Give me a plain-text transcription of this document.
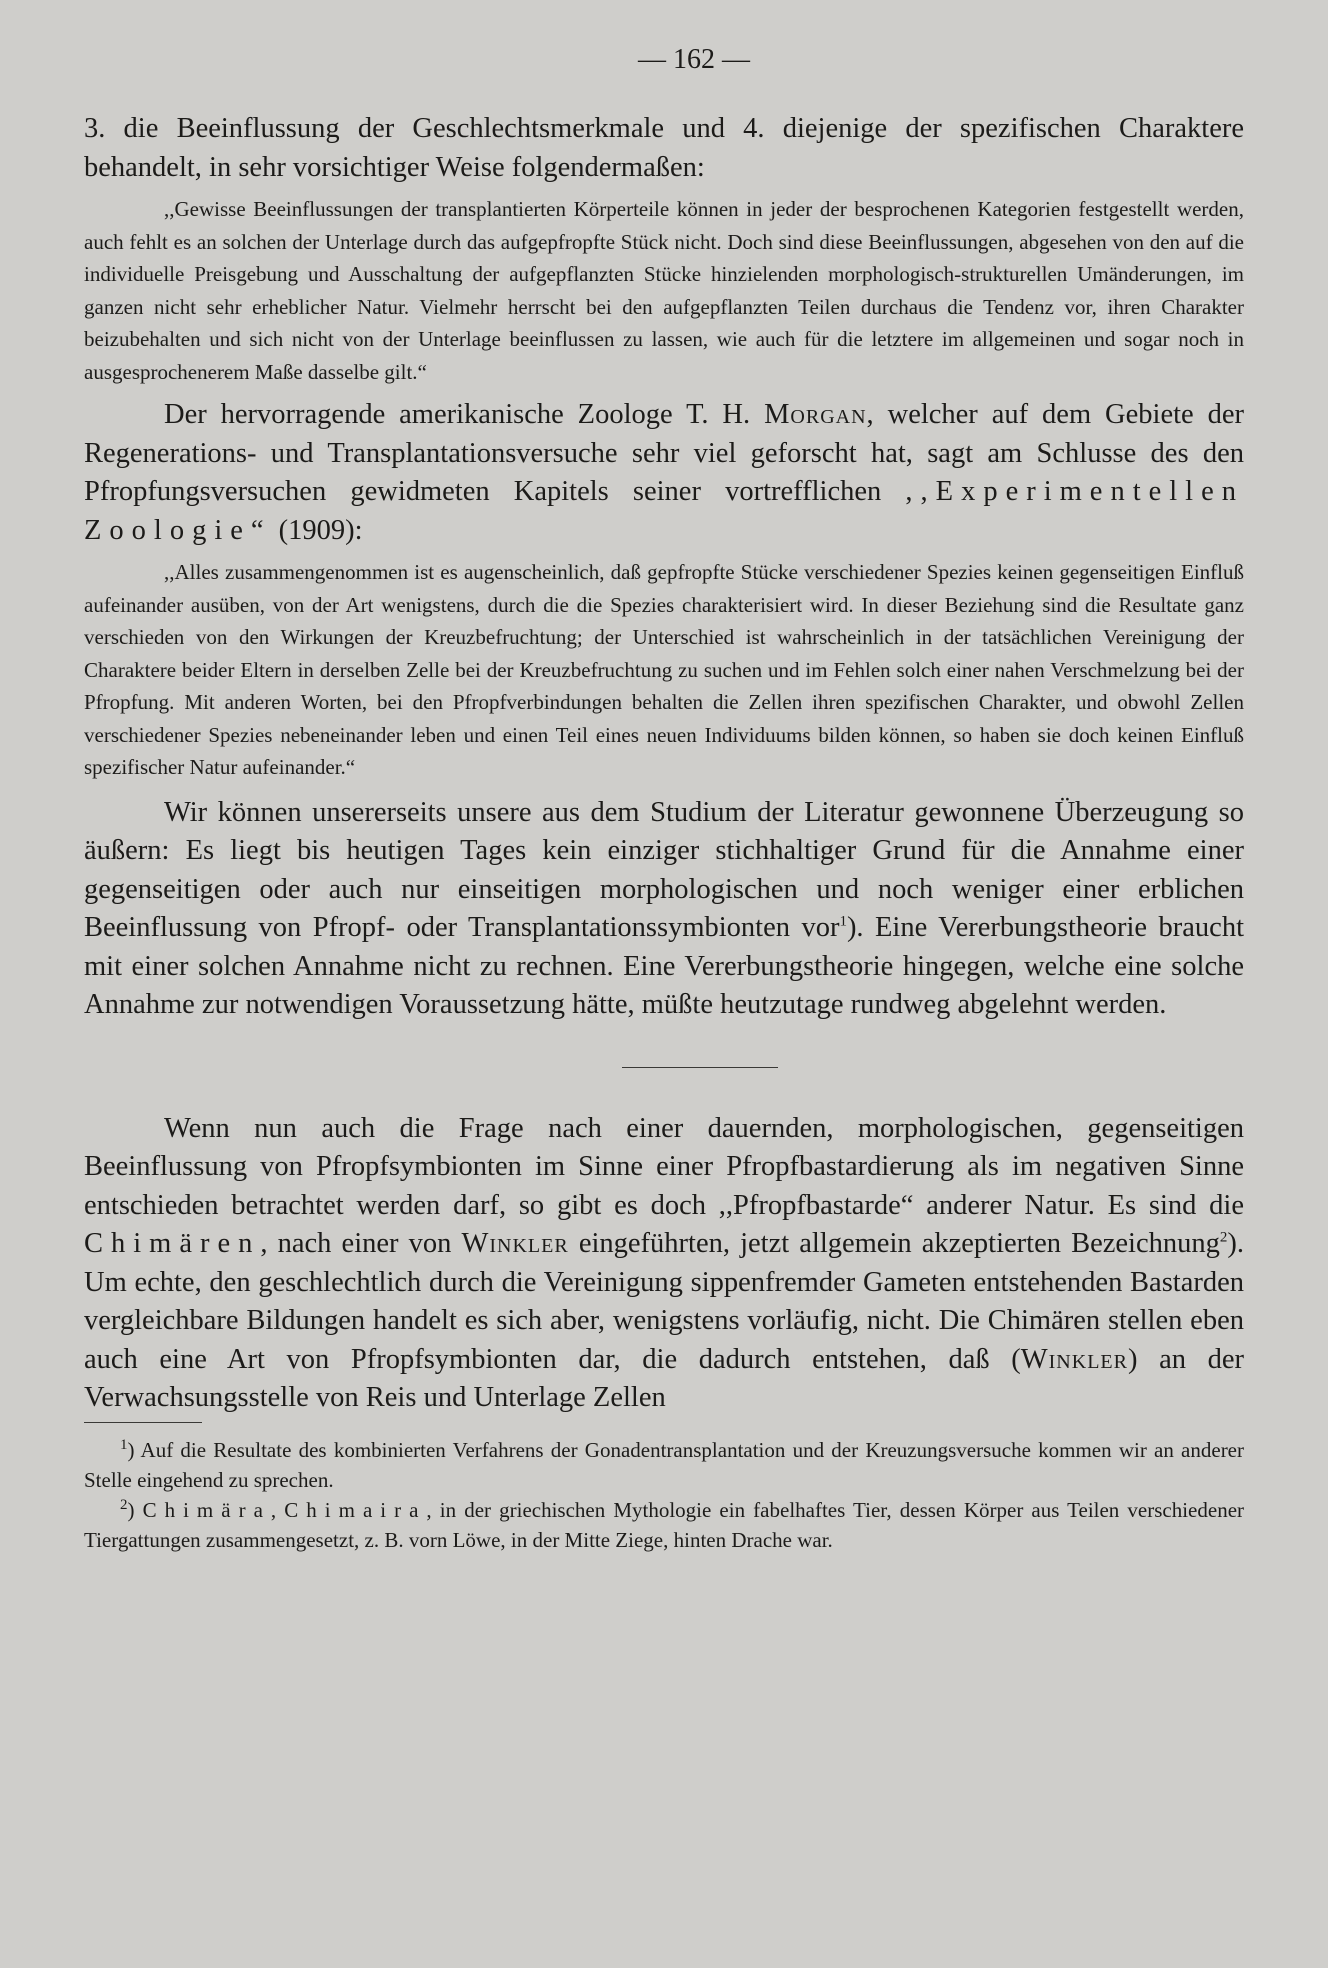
— 162 —

3. die Beeinflussung der Geschlechtsmerkmale und 4. diejenige der spezifischen Charaktere behandelt, in sehr vorsichtiger Weise folgendermaßen:

,,Gewisse Beeinflussungen der transplantierten Körperteile können in jeder der besprochenen Kategorien festgestellt werden, auch fehlt es an solchen der Unterlage durch das aufgepfropfte Stück nicht. Doch sind diese Beeinflussungen, abgesehen von den auf die individuelle Preisgebung und Ausschaltung der aufgepflanzten Stücke hinzielenden morphologisch-strukturellen Umänderungen, im ganzen nicht sehr erheblicher Natur. Vielmehr herrscht bei den aufgepflanzten Teilen durchaus die Tendenz vor, ihren Charakter beizubehalten und sich nicht von der Unterlage beeinflussen zu lassen, wie auch für die letztere im allgemeinen und sogar noch in ausgesprochenerem Maße dasselbe gilt.“

Der hervorragende amerikanische Zoologe T. H. Morgan, welcher auf dem Gebiete der Regenerations- und Transplantationsversuche sehr viel geforscht hat, sagt am Schlusse des den Pfropfungsversuchen gewidmeten Kapitels seiner vortrefflichen ,,Experimentellen Zoologie“ (1909):

,,Alles zusammengenommen ist es augenscheinlich, daß gepfropfte Stücke verschiedener Spezies keinen gegenseitigen Einfluß aufeinander ausüben, von der Art wenigstens, durch die die Spezies charakterisiert wird. In dieser Beziehung sind die Resultate ganz verschieden von den Wirkungen der Kreuzbefruchtung; der Unterschied ist wahrscheinlich in der tatsächlichen Vereinigung der Charaktere beider Eltern in derselben Zelle bei der Kreuzbefruchtung zu suchen und im Fehlen solch einer nahen Verschmelzung bei der Pfropfung. Mit anderen Worten, bei den Pfropfverbindungen behalten die Zellen ihren spezifischen Charakter, und obwohl Zellen verschiedener Spezies nebeneinander leben und einen Teil eines neuen Individuums bilden können, so haben sie doch keinen Einfluß spezifischer Natur aufeinander.“

Wir können unsererseits unsere aus dem Studium der Literatur gewonnene Überzeugung so äußern: Es liegt bis heutigen Tages kein einziger stichhaltiger Grund für die Annahme einer gegenseitigen oder auch nur einseitigen morphologischen und noch weniger einer erblichen Beeinflussung von Pfropf- oder Transplantationssymbionten vor$^1$). Eine Vererbungstheorie braucht mit einer solchen Annahme nicht zu rechnen. Eine Vererbungstheorie hingegen, welche eine solche Annahme zur notwendigen Voraussetzung hätte, müßte heutzutage rundweg abgelehnt werden.

Wenn nun auch die Frage nach einer dauernden, morphologischen, gegenseitigen Beeinflussung von Pfropfsymbionten im Sinne einer Pfropfbastardierung als im negativen Sinne entschieden betrachtet werden darf, so gibt es doch ,,Pfropfbastarde“ anderer Natur. Es sind die Chimären, nach einer von Winkler eingeführten, jetzt allgemein akzeptierten Bezeichnung$^2$). Um echte, den geschlechtlich durch die Vereinigung sippenfremder Gameten entstehenden Bastarden vergleichbare Bildungen handelt es sich aber, wenigstens vorläufig, nicht. Die Chimären stellen eben auch eine Art von Pfropfsymbionten dar, die dadurch entstehen, daß (Winkler) an der Verwachsungsstelle von Reis und Unterlage Zellen

$^1$) Auf die Resultate des kombinierten Verfahrens der Gonadentransplantation und der Kreuzungsversuche kommen wir an anderer Stelle eingehend zu sprechen.

$^2$) Chimära, Chimaira, in der griechischen Mythologie ein fabelhaftes Tier, dessen Körper aus Teilen verschiedener Tiergattungen zusammengesetzt, z. B. vorn Löwe, in der Mitte Ziege, hinten Drache war.
